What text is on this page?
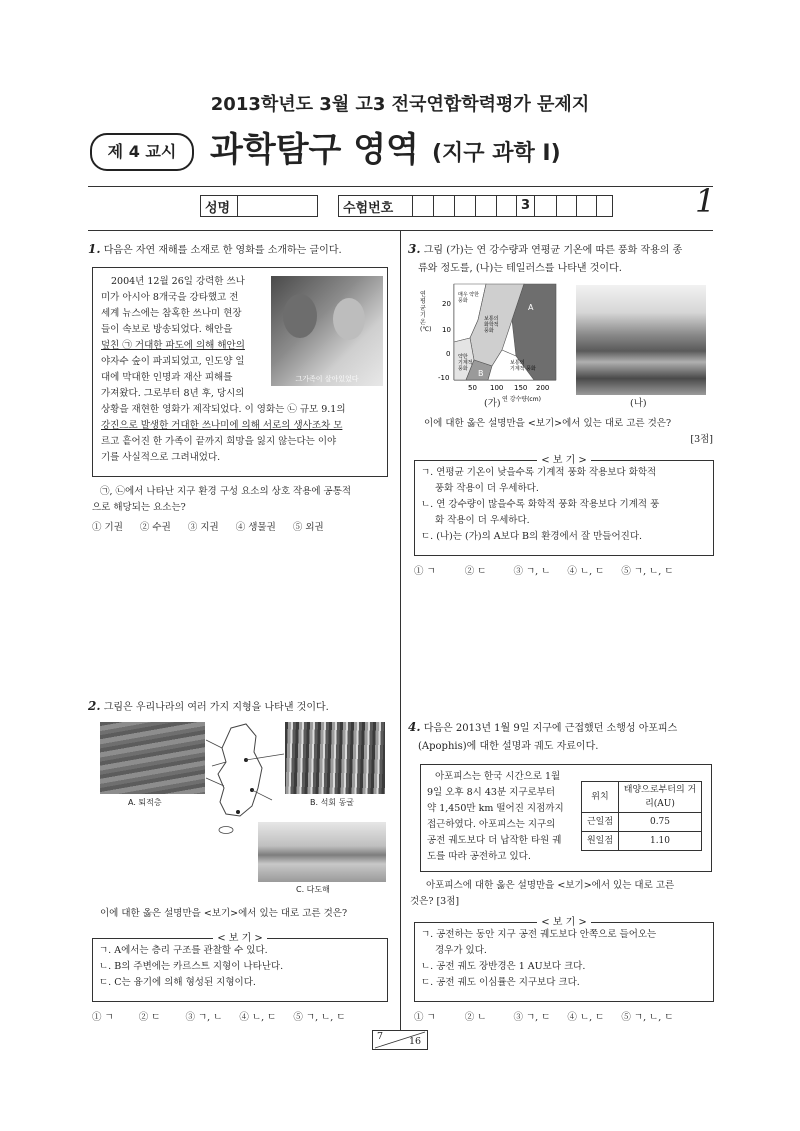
2013학년도 3월 고3 전국연합학력평가 문제지
제 4 교시 과학탐구 영역 (지구 과학 Ⅰ)
성명	수험번호	3	1
1. 다음은 자연 재해를 소재로 한 영화를 소개하는 글이다.
그가족이 살아있었다
2004년 12월 26일 강력한 쓰나
미가 아시아 8개국을 강타했고 전
세계 뉴스에는 참혹한 쓰나미 현장
들이 속보로 방송되었다. 해안을
덮친 ㉠ 거대한 파도에 의해 해안의
야자수 숲이 파괴되었고, 인도양 일
대에 막대한 인명과 재산 피해를
가져왔다. 그로부터 8년 후, 당시의
상황을 재현한 영화가 제작되었다. 이 영화는 ㉡ 규모 9.1의
강진으로 발생한 거대한 쓰나미에 의해 서로의 생사조차 모
르고 흩어진 한 가족이 끝까지 희망을 잃지 않는다는 이야
기를 사실적으로 그려내었다.
㉠, ㉡에서 나타난 지구 환경 구성 요소의 상호 작용에 공통적
으로 해당되는 요소는?
① 기권 ② 수권 ③ 지권 ④ 생물권 ⑤ 외권
2. 그림은 우리나라의 여러 가지 지형을 나타낸 것이다.
A. 퇴적층	B. 석회 동굴
C. 다도해
이에 대한 옳은 설명만을 <보기>에서 있는 대로 고른 것은?
< 보 기 >
ㄱ. A에서는 층리 구조를 관찰할 수 있다.
ㄴ. B의 주변에는 카르스트 지형이 나타난다.
ㄷ. C는 융기에 의해 형성된 지형이다.
① ㄱ	② ㄷ	③ ㄱ, ㄴ ④ ㄴ, ㄷ ⑤ ㄱ, ㄴ, ㄷ
3. 그림 (가)는 연 강수량과 연평균 기온에 따른 풍화 작용의 종
류와 정도를, (나)는 테일러스를 나타낸 것이다.
연 평 균 기 온 (℃)
20
10
0
-10
50 100 150 200
연 강수량(cm)
매우 약한 풍화
보통의 화학적 풍화
A
약한 기계적 풍화	B
보통의 기계적 풍화
(가)	(나)
이에 대한 옳은 설명만을 <보기>에서 있는 대로 고른 것은?
[3점]
< 보 기 >
ㄱ. 연평균 기온이 낮을수록 기계적 풍화 작용보다 화학적
풍화 작용이 더 우세하다.
ㄴ. 연 강수량이 많을수록 화학적 풍화 작용보다 기계적 풍
화 작용이 더 우세하다.
ㄷ. (나)는 (가)의 A보다 B의 환경에서 잘 만들어진다.
① ㄱ	② ㄷ	③ ㄱ, ㄴ ④ ㄴ, ㄷ ⑤ ㄱ, ㄴ, ㄷ
4. 다음은 2013년 1월 9일 지구에 근접했던 소행성 아포피스
(Apophis)에 대한 설명과 궤도 자료이다.
아포피스는 한국 시간으로 1월
9일 오후 8시 43분 지구로부터
약 1,450만 km 떨어진 지점까지
접근하였다. 아포피스는 지구의
공전 궤도보다 더 납작한 타원 궤
도를 따라 공전하고 있다.
위치	태양으로부터의 거리(AU)
근일점	0.75
원일점	1.10
아포피스에 대한 옳은 설명만을 <보기>에서 있는 대로 고른
것은? [3점]
< 보 기 >
ㄱ. 공전하는 동안 지구 공전 궤도보다 안쪽으로 들어오는
경우가 있다.
ㄴ. 공전 궤도 장반경은 1 AU보다 크다.
ㄷ. 공전 궤도 이심률은 지구보다 크다.
① ㄱ	② ㄴ	③ ㄱ, ㄷ ④ ㄴ, ㄷ ⑤ ㄱ, ㄴ, ㄷ
7	16
